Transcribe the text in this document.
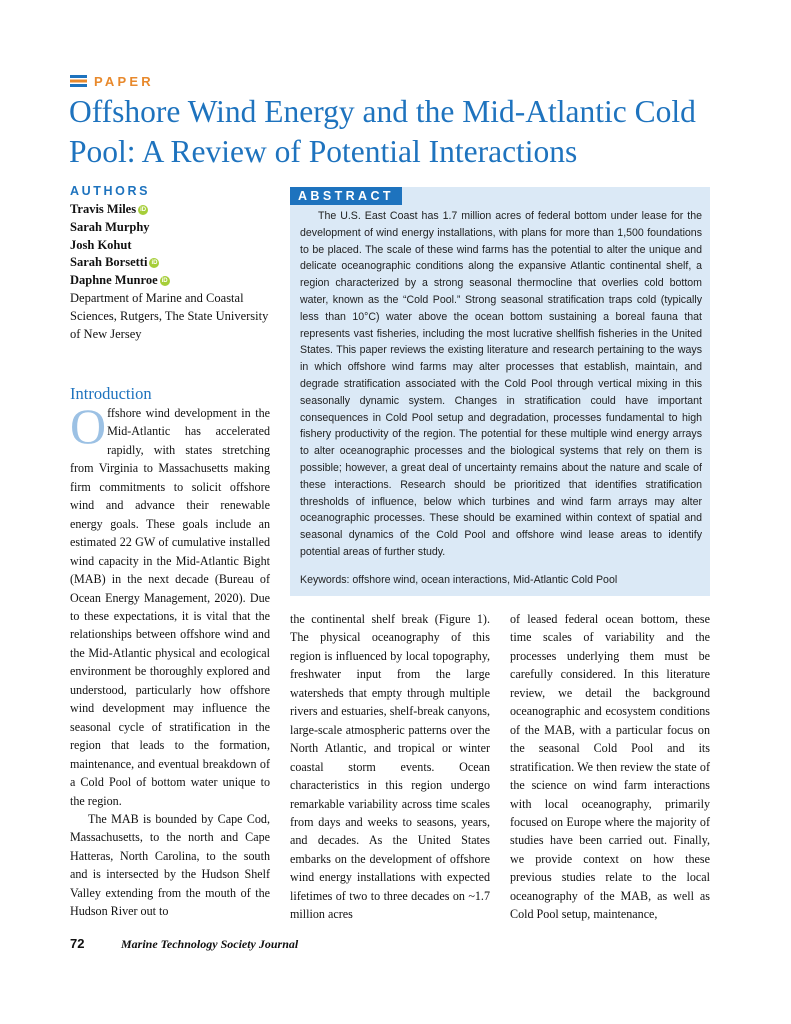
PAPER
Offshore Wind Energy and the Mid-Atlantic Cold Pool: A Review of Potential Interactions
AUTHORS
Travis Miles iD
Sarah Murphy
Josh Kohut
Sarah Borsetti iD
Daphne Munroe iD
Department of Marine and Coastal Sciences, Rutgers, The State University of New Jersey
ABSTRACT

The U.S. East Coast has 1.7 million acres of federal bottom under lease for the development of wind energy installations, with plans for more than 1,500 foundations to be placed. The scale of these wind farms has the potential to alter the unique and delicate oceanographic conditions along the expansive Atlantic continental shelf, a region characterized by a strong seasonal thermocline that overlies cold bottom water, known as the “Cold Pool.” Strong seasonal stratification traps cold (typically less than 10°C) water above the ocean bottom sustaining a boreal fauna that represents vast fisheries, including the most lucrative shellfish fisheries in the United States. This paper reviews the existing literature and research pertaining to the ways in which offshore wind farms may alter processes that establish, maintain, and degrade stratification associated with the Cold Pool through vertical mixing in this seasonally dynamic system. Changes in stratification could have important consequences in Cold Pool setup and degradation, processes fundamental to high fishery productivity of the region. The potential for these multiple wind energy arrays to alter oceanographic processes and the biological systems that rely on them is possible; however, a great deal of uncertainty remains about the nature and scale of these interactions. Research should be prioritized that identifies stratification thresholds of influence, below which turbines and wind farm arrays may alter oceanographic processes. These should be examined within context of spatial and seasonal dynamics of the Cold Pool and offshore wind lease areas to identify potential areas of further study.

Keywords: offshore wind, ocean interactions, Mid-Atlantic Cold Pool

Introduction

Offshore wind development in the Mid-Atlantic has accelerated rapidly, with states stretching from Virginia to Massachusetts making firm commitments to solicit offshore wind and advance their renewable energy goals. These goals include an estimated 22 GW of cumulative installed wind capacity in the Mid-Atlantic Bight (MAB) in the next decade (Bureau of Ocean Energy Management, 2020). Due to these expectations, it is vital that the relationships between offshore wind and the Mid-Atlantic physical and ecological environment be thoroughly explored and understood, particularly how offshore wind development may influence the seasonal cycle of stratification in the region that leads to the formation, maintenance, and eventual breakdown of a Cold Pool of bottom water unique to the region.

The MAB is bounded by Cape Cod, Massachusetts, to the north and Cape Hatteras, North Carolina, to the south and is intersected by the Hudson Shelf Valley extending from the mouth of the Hudson River out to

the continental shelf break (Figure 1). The physical oceanography of this region is influenced by local topography, freshwater input from the large watersheds that empty through multiple rivers and estuaries, shelf-break canyons, large-scale atmospheric patterns over the North Atlantic, and tropical or winter coastal storm events. Ocean characteristics in this region undergo remarkable variability across time scales from days and weeks to seasons, years, and decades. As the United States embarks on the development of offshore wind energy installations with expected lifetimes of two to three decades on ~1.7 million acres

of leased federal ocean bottom, these time scales of variability and the processes underlying them must be carefully considered. In this literature review, we detail the background oceanographic and ecosystem conditions of the MAB, with a particular focus on the seasonal Cold Pool and its stratification. We then review the state of the science on wind farm interactions with local oceanography, primarily focused on Europe where the majority of studies have been carried out. Finally, we provide context on how these previous studies relate to the local oceanography of the MAB, as well as Cold Pool setup, maintenance,

72	Marine Technology Society Journal
